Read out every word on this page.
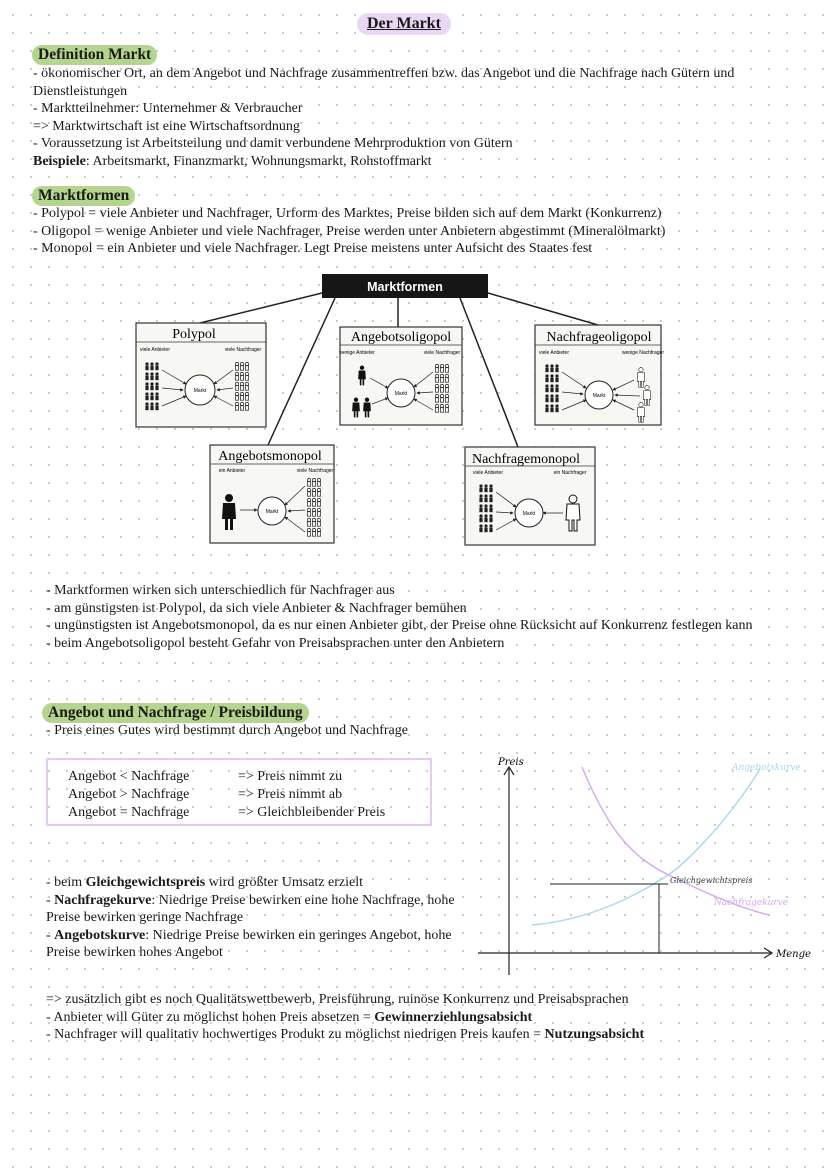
Der Markt
Definition Markt

- ökonomischer Ort, an dem Angebot und Nachfrage zusammentreffen bzw. das Angebot und die Nachfrage nach Gütern und Dienstleistungen

- Marktteilnehmer: Unternehmer & Verbraucher

=> Marktwirtschaft ist eine Wirtschaftsordnung

- Voraussetzung ist Arbeitsteilung und damit verbundene Mehrproduktion von Gütern

Beispiele: Arbeitsmarkt, Finanzmarkt, Wohnungsmarkt, Rohstoffmarkt

Marktformen

- Polypol = viele Anbieter und Nachfrager, Urform des Marktes, Preise bilden sich auf dem Markt (Konkurrenz)

- Oligopol = wenige Anbieter und viele Nachfrager, Preise werden unter Anbietern abgestimmt (Mineralölmarkt)

- Monopol = ein Anbieter und viele Nachfrager. Legt Preise meistens unter Aufsicht des Staates fest

Marktformen
Polypol
viele Anbieter	viele Nachfrager
Markt
Angebotsoligopol
wenige Anbieter	viele Nachfrager
Markt
Nachfrageoligopol
viele Anbieter	wenige Nachfrager
Markt
Angebotsmonopol
ein Anbieter	viele Nachfrager
Markt
Nachfragemonopol
viele Anbieter	ein Nachfrager
Markt

- Marktformen wirken sich unterschiedlich für Nachfrager aus

- am günstigsten ist Polypol, da sich viele Anbieter & Nachfrager bemühen

- ungünstigsten ist Angebotsmonopol, da es nur einen Anbieter gibt, der Preise ohne Rücksicht auf Konkurrenz festlegen kann

- beim Angebotsoligopol besteht Gefahr von Preisabsprachen unter den Anbietern

Angebot und Nachfrage / Preisbildung

- Preis eines Gutes wird bestimmt durch Angebot und Nachfrage

Angebot < Nachfrage	=> Preis nimmt zu
Angebot > Nachfrage	=> Preis nimmt ab
Angebot = Nachfrage	=> Gleichbleibender Preis

- beim Gleichgewichtspreis wird größter Umsatz erzielt

- Nachfragekurve: Niedrige Preise bewirken eine hohe Nachfrage, hohe Preise bewirken geringe Nachfrage

- Angebotskurve: Niedrige Preise bewirken ein geringes Angebot, hohe Preise bewirken hohes Angebot

Preis
Menge
Angebotskurve
Nachfragekurve
Gleichgewichtspreis

=> zusätzlich gibt es noch Qualitätswettbewerb, Preisführung, ruinöse Konkurrenz und Preisabsprachen

- Anbieter will Güter zu möglichst hohen Preis absetzen = Gewinnerziehlungsabsicht

- Nachfrager will qualitativ hochwertiges Produkt zu möglichst niedrigen Preis kaufen = Nutzungsabsicht
